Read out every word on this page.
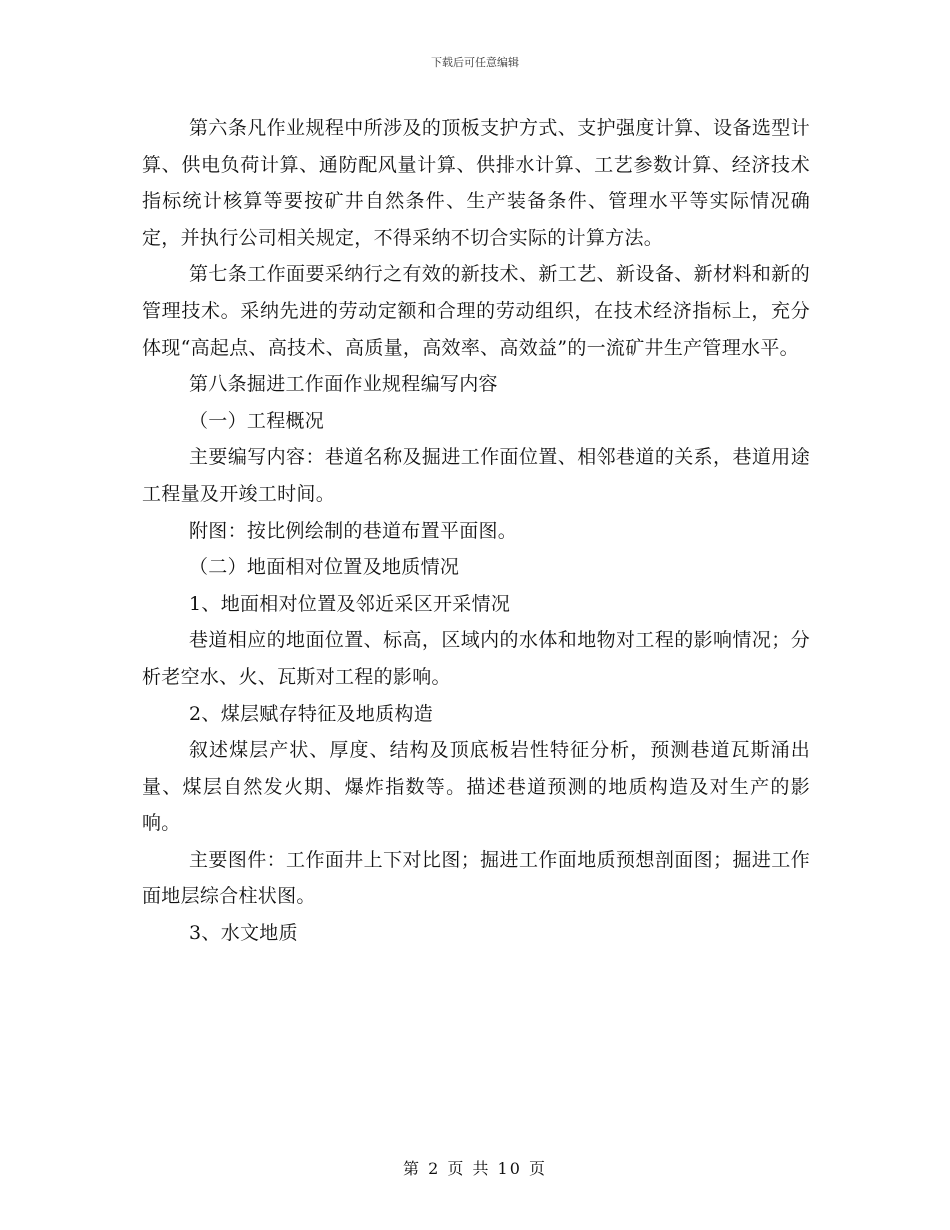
下载后可任意编辑

第六条凡作业规程中所涉及的顶板支护方式、支护强度计算、设备选型计算、供电负荷计算、通防配风量计算、供排水计算、工艺参数计算、经济技术指标统计核算等要按矿井自然条件、生产装备条件、管理水平等实际情况确定，并执行公司相关规定，不得采纳不切合实际的计算方法。

第七条工作面要采纳行之有效的新技术、新工艺、新设备、新材料和新的管理技术。采纳先进的劳动定额和合理的劳动组织，在技术经济指标上，充分体现“高起点、高技术、高质量，高效率、高效益”的一流矿井生产管理水平。

第八条掘进工作面作业规程编写内容

（一）工程概况

主要编写内容：巷道名称及掘进工作面位置、相邻巷道的关系，巷道用途工程量及开竣工时间。

附图：按比例绘制的巷道布置平面图。

（二）地面相对位置及地质情况

1、地面相对位置及邻近采区开采情况

巷道相应的地面位置、标高，区域内的水体和地物对工程的影响情况；分析老空水、火、瓦斯对工程的影响。

2、煤层赋存特征及地质构造

叙述煤层产状、厚度、结构及顶底板岩性特征分析，预测巷道瓦斯涌出量、煤层自然发火期、爆炸指数等。描述巷道预测的地质构造及对生产的影响。

主要图件：工作面井上下对比图；掘进工作面地质预想剖面图；掘进工作面地层综合柱状图。

3、水文地质

第 2 页 共 10 页
